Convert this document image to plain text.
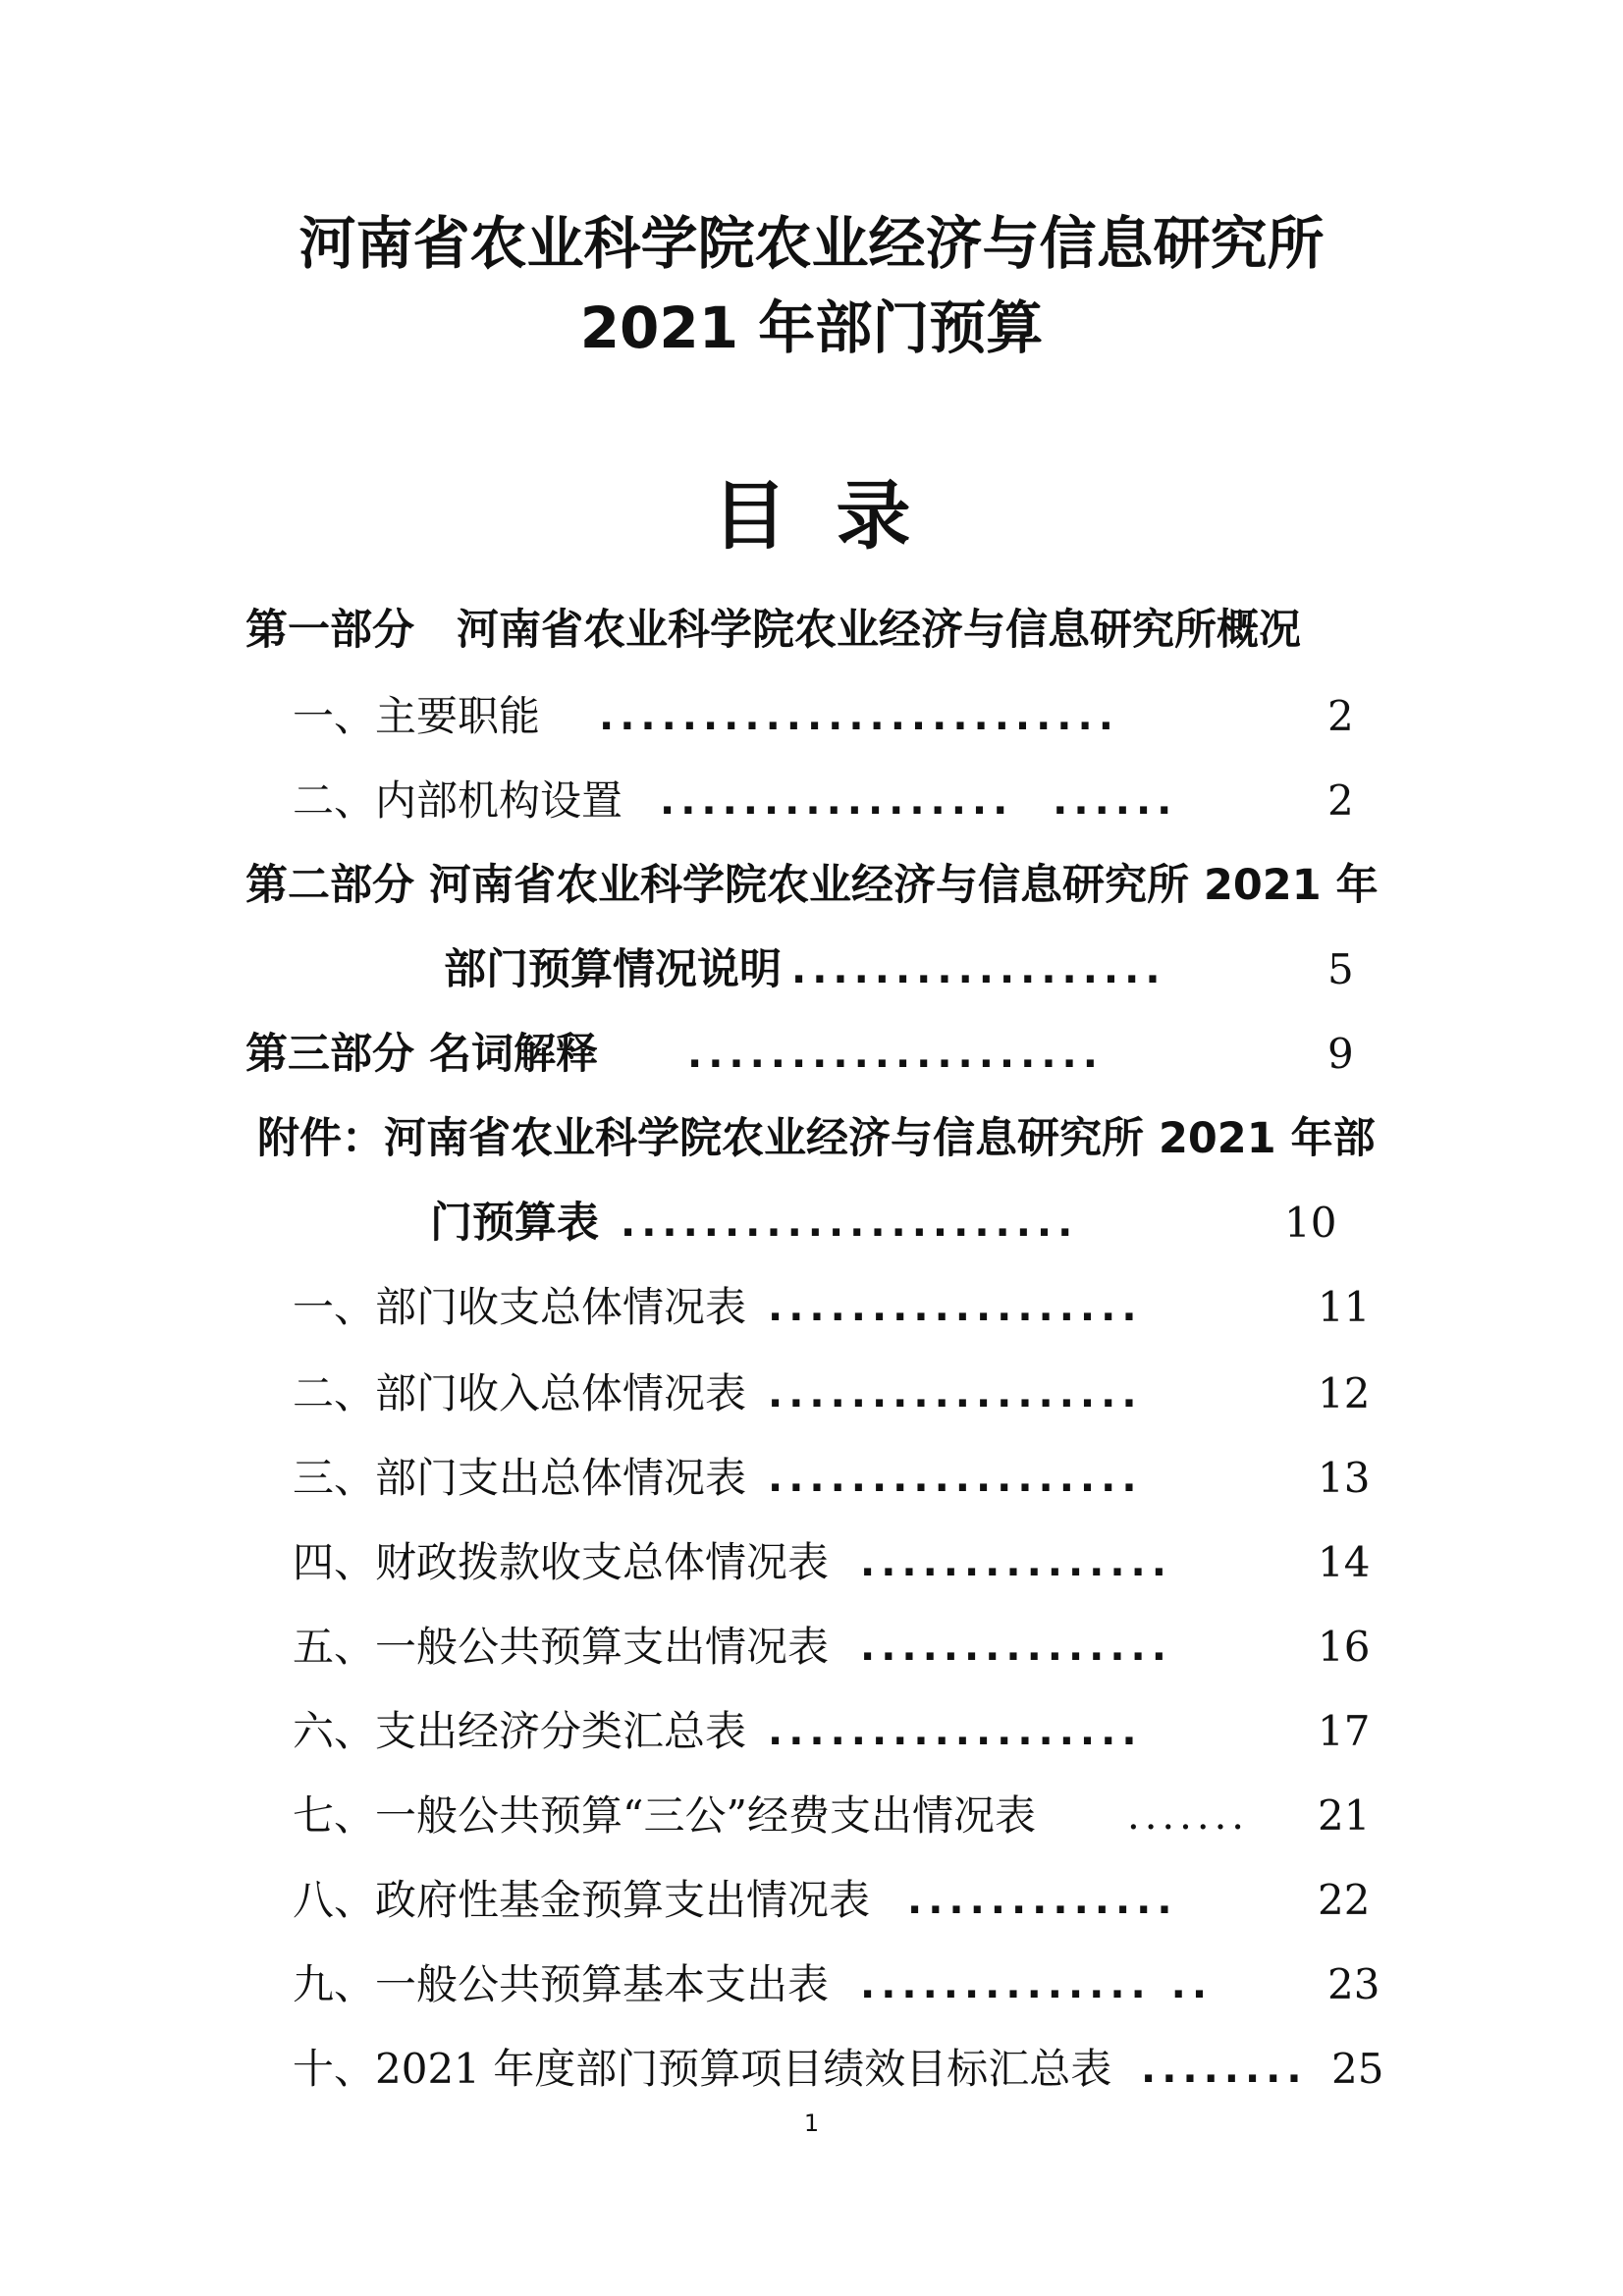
河南省农业科学院农业经济与信息研究所
2021 年部门预算
目录
第一部分　河南省农业科学院农业经济与信息研究所概况
一、主要职能 .........................	2
二、内部机构设置 .................  ......	2
第二部分 河南省农业科学院农业经济与信息研究所 2021 年
部门预算情况说明 ..................	5
第三部分 名词解释 ....................	9
附件：河南省农业科学院农业经济与信息研究所 2021 年部
门预算表 ......................	10
一、部门收支总体情况表 ..................	11
二、部门收入总体情况表 ..................	12
三、部门支出总体情况表 ..................	13
四、财政拨款收支总体情况表 ...............	14
五、一般公共预算支出情况表 ...............	16
六、支出经济分类汇总表 ..................	17
七、一般公共预算“三公”经费支出情况表 ....... 21
八、政府性基金预算支出情况表 .............	22
九、一般公共预算基本支出表 .............. ..	23
十、2021 年度部门预算项目绩效目标汇总表 ........ 25
1
